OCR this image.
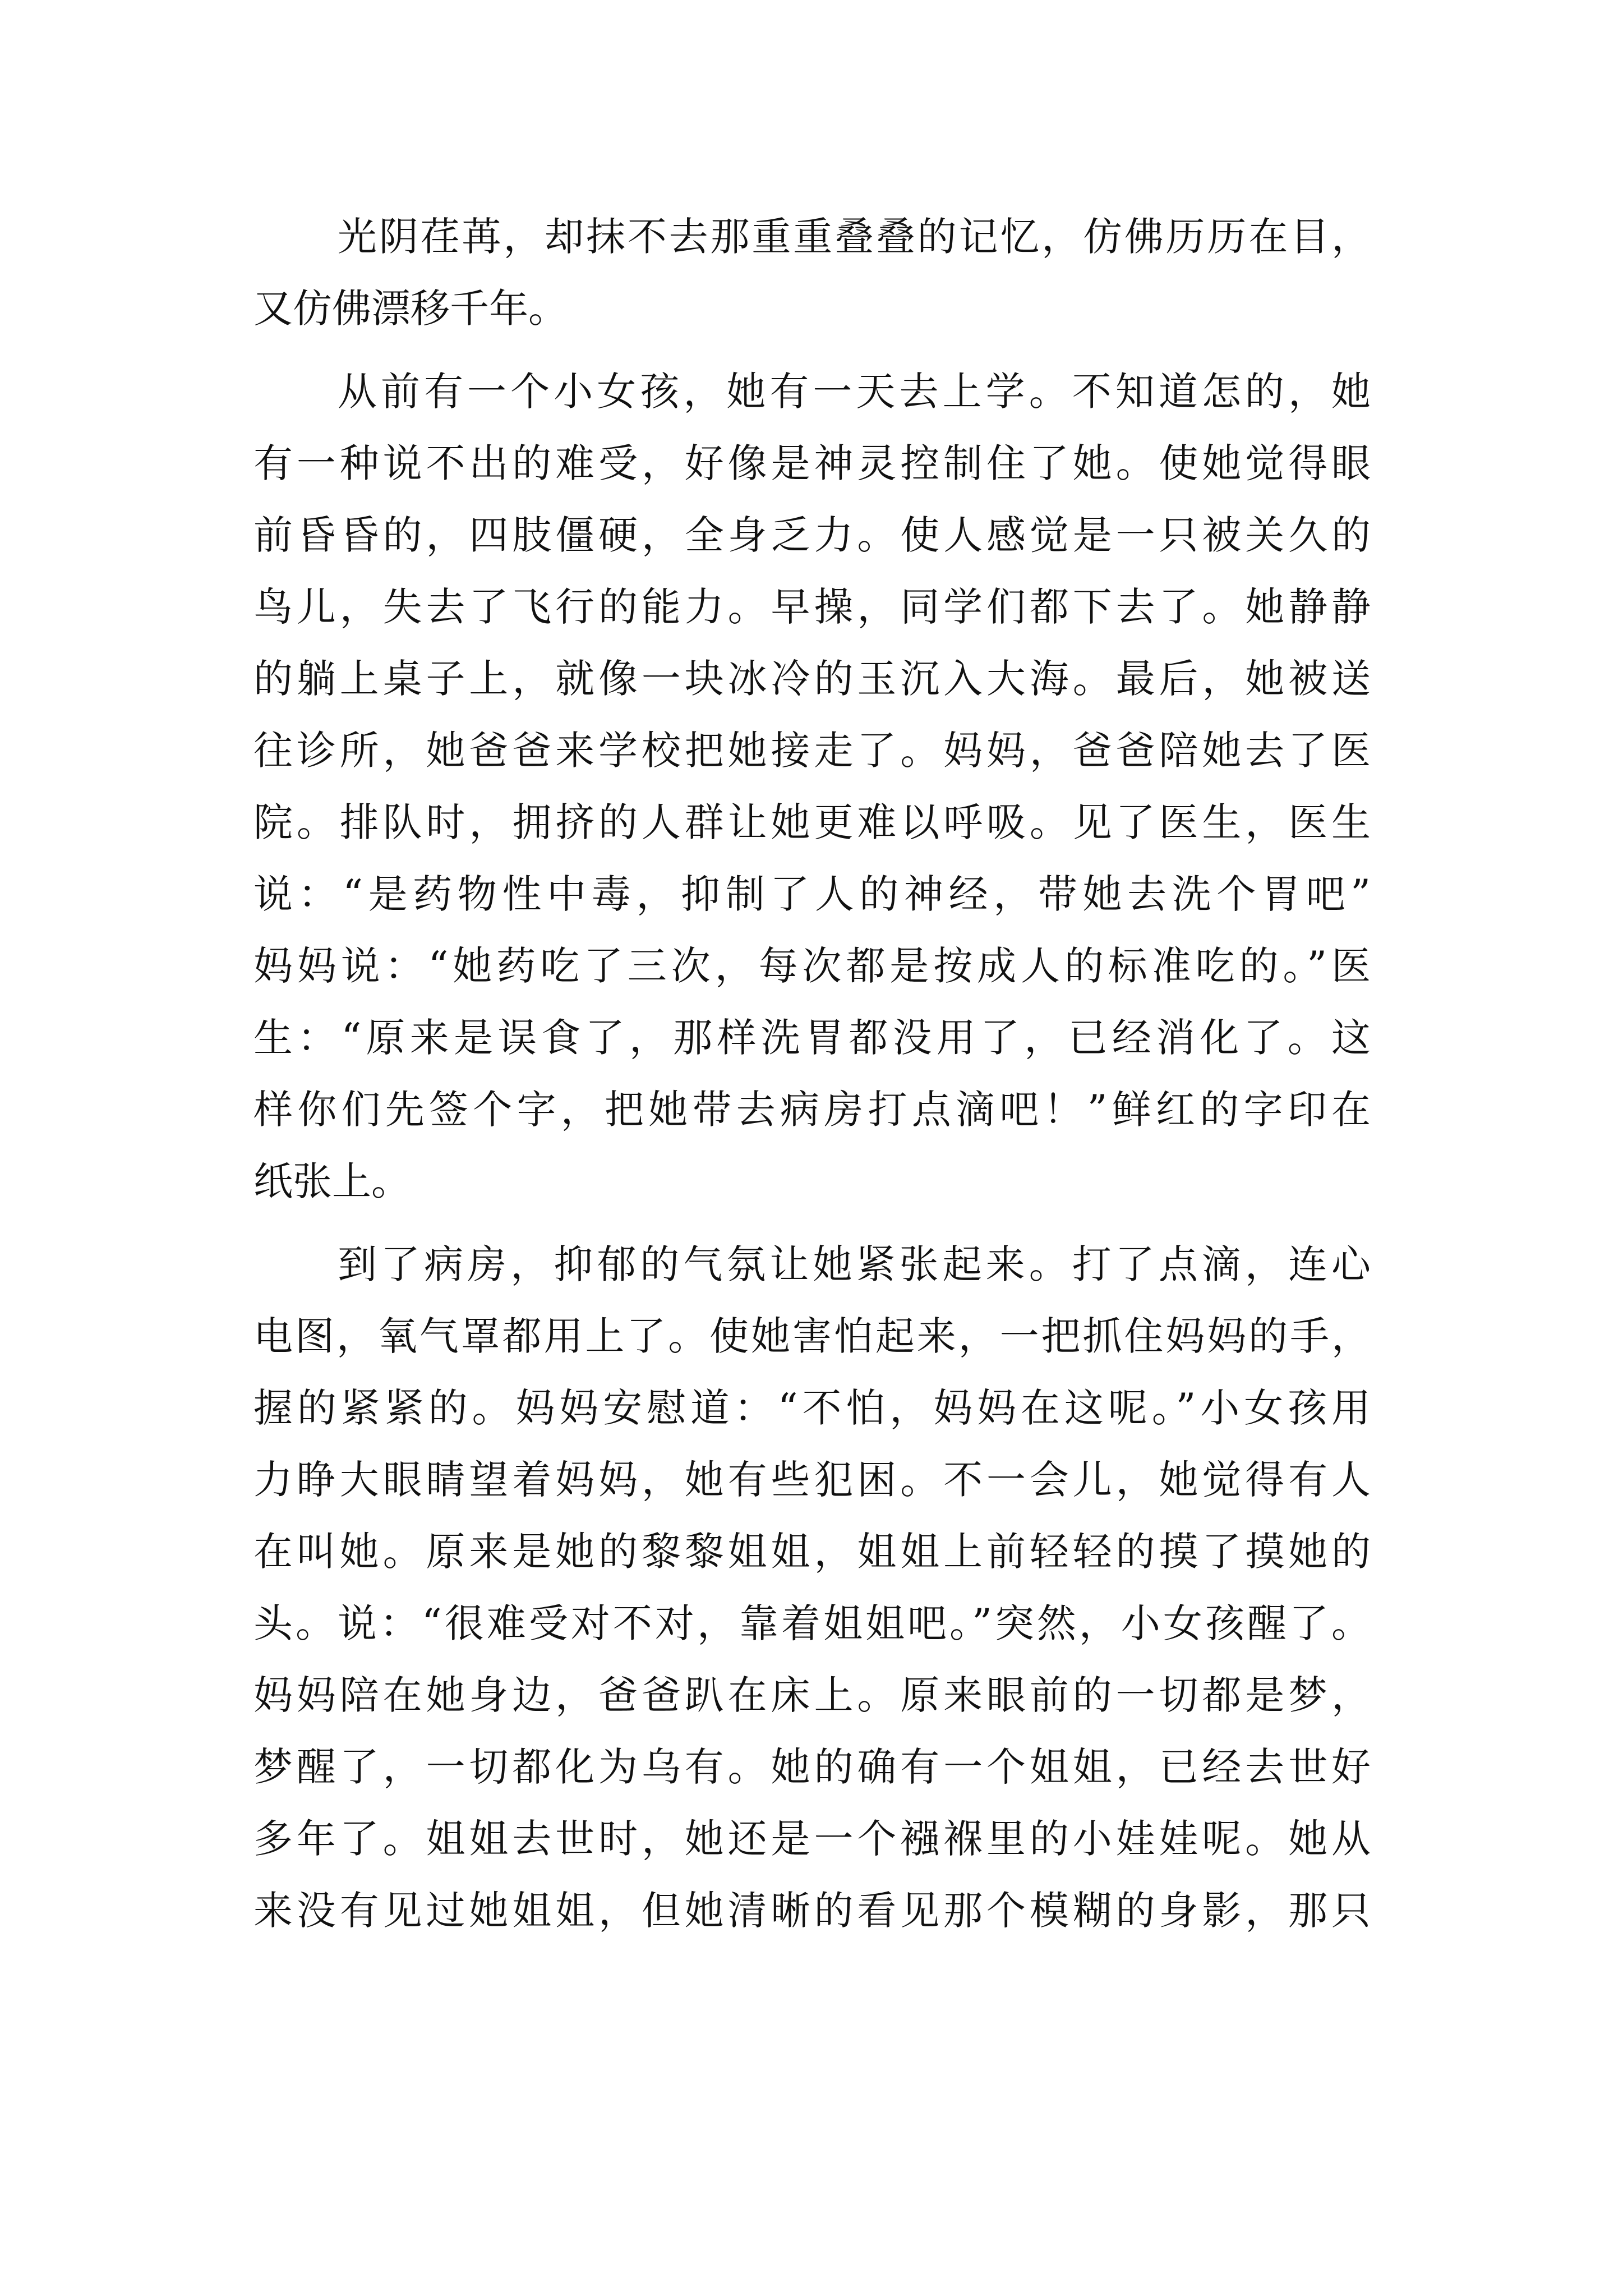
光阴荏苒，却抹不去那重重叠叠的记忆，仿佛历历在目，
又仿佛漂移千年。
从前有一个小女孩，她有一天去上学。不知道怎的，她
有一种说不出的难受，好像是神灵控制住了她。使她觉得眼
前昏昏的，四肢僵硬，全身乏力。使人感觉是一只被关久的
鸟儿，失去了飞行的能力。早操，同学们都下去了。她静静
的躺上桌子上，就像一块冰冷的玉沉入大海。最后，她被送
往诊所，她爸爸来学校把她接走了。妈妈，爸爸陪她去了医
院。排队时，拥挤的人群让她更难以呼吸。见了医生，医生
说：“是药物性中毒，抑制了人的神经，带她去洗个胃吧”
妈妈说：“她药吃了三次，每次都是按成人的标准吃的。”医
生：“原来是误食了，那样洗胃都没用了，已经消化了。这
样你们先签个字，把她带去病房打点滴吧！”鲜红的字印在
纸张上。
到了病房，抑郁的气氛让她紧张起来。打了点滴，连心
电图，氧气罩都用上了。使她害怕起来，一把抓住妈妈的手，
握的紧紧的。妈妈安慰道：“不怕，妈妈在这呢。”小女孩用
力睁大眼睛望着妈妈，她有些犯困。不一会儿，她觉得有人
在叫她。原来是她的黎黎姐姐，姐姐上前轻轻的摸了摸她的
头。说：“很难受对不对，靠着姐姐吧。”突然，小女孩醒了。
妈妈陪在她身边，爸爸趴在床上。原来眼前的一切都是梦，
梦醒了，一切都化为乌有。她的确有一个姐姐，已经去世好
多年了。姐姐去世时，她还是一个襁褓里的小娃娃呢。她从
来没有见过她姐姐，但她清晰的看见那个模糊的身影，那只
